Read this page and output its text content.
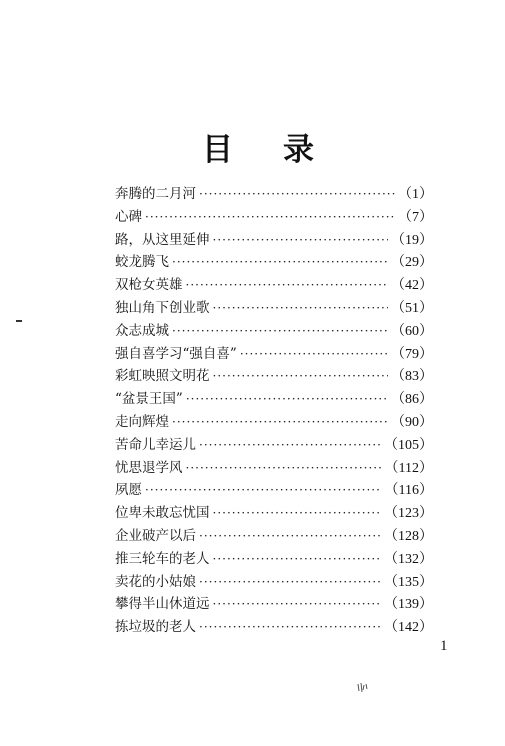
目 录
奔腾的二月河 ·····	（1）
心碑 ·····	（7）
路，从这里延伸 ·····	（19）
蛟龙腾飞 ·····	（29）
双枪女英雄 ·····	（42）
独山角下创业歌 ·····	（51）
众志成城 ·····	（60）
强自喜学习“强自喜” ·····	（79）
彩虹映照文明花 ·····	（83）
“盆景王国” ·····	（86）
走向辉煌 ·····	（90）
苦命儿幸运儿 ·····	（105）
忧思退学风 ·····	（112）
夙愿 ·····	（116）
位卑未敢忘忧国 ·····	（123）
企业破产以后 ·····	（128）
推三轮车的老人 ·····	（132）
卖花的小姑娘 ·····	（135）
攀得半山休道远 ·····	（139）
拣垃圾的老人 ·····	（142）
1
